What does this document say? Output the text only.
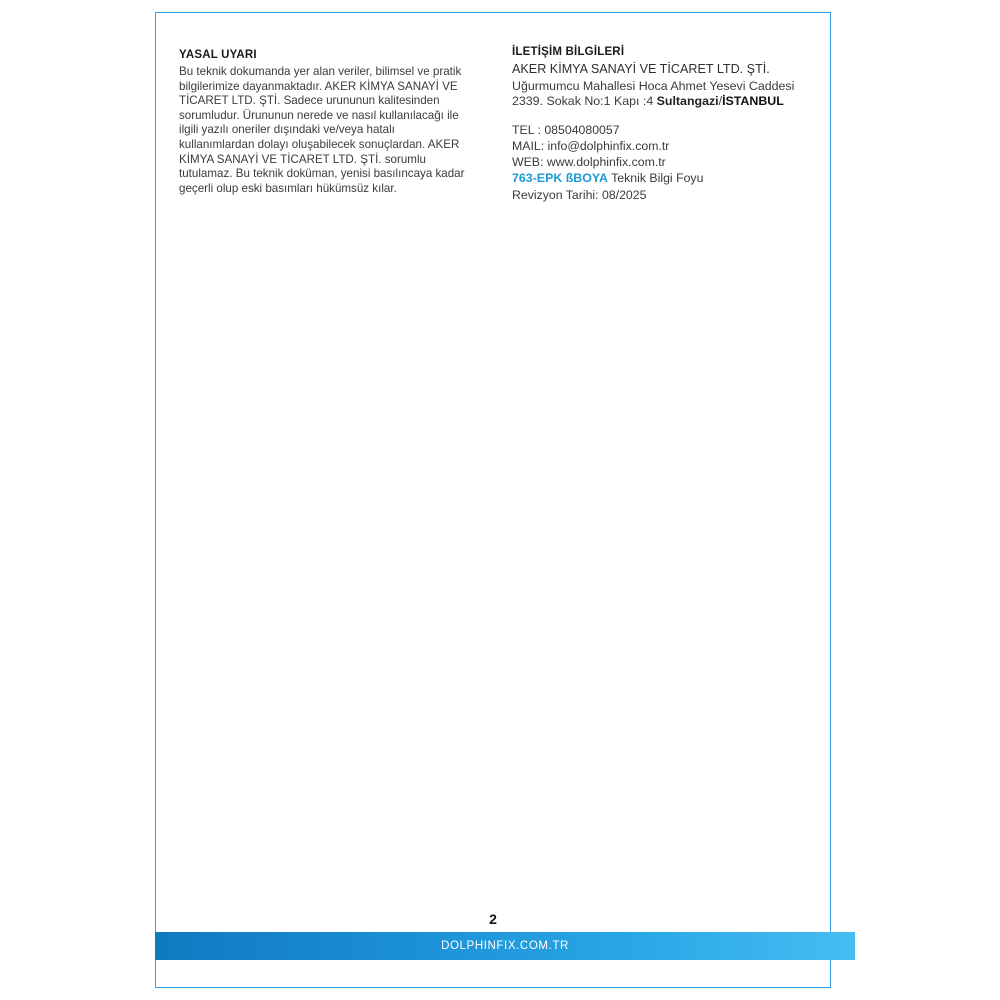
YASAL UYARI

Bu teknik dokumanda yer alan veriler, bilimsel ve pratik bilgilerimize dayanmaktadır. AKER KİMYA SANAYİ VE TİCARET LTD. ŞTİ. Sadece urununun kalitesinden sorumludur. Ürununun nerede ve nasıl kullanılacağı ile ilgili yazılı oneriler dışındaki ve/veya hatalı kullanımlardan dolayı oluşabilecek sonuçlardan. AKER KİMYA SANAYİ VE TİCARET LTD. ŞTİ. sorumlu tutulamaz. Bu teknik doküman, yenisi basılıncaya kadar geçerli olup eski basımları hükümsüz kılar.

İLETİŞİM BİLGİLERİ
AKER KİMYA SANAYİ VE TİCARET LTD. ŞTİ.
Uğurmumcu Mahallesi Hoca Ahmet Yesevi Caddesi
2339. Sokak No:1 Kapı :4 Sultangazi/İSTANBUL
TEL : 08504080057
MAIL: info@dolphinfix.com.tr
WEB: www.dolphinfix.com.tr
763-EPK ßBOYA Teknik Bilgi Foyu
Revizyon Tarihi: 08/2025
2
DOLPHINFIX.COM.TR
